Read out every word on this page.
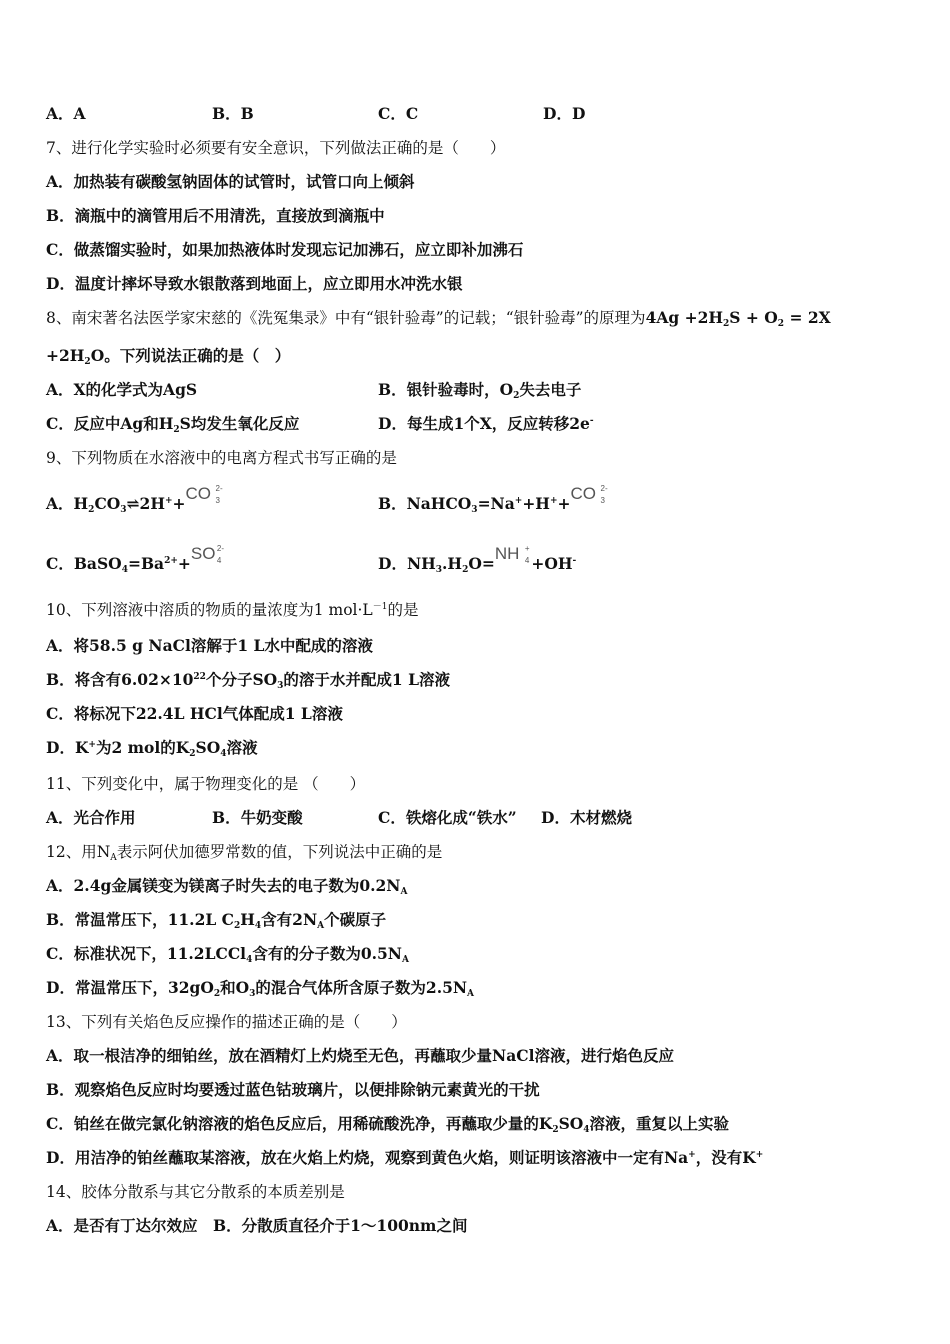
A．A	B．B	C．C	D．D
7、进行化学实验时必须要有安全意识，下列做法正确的是（　　）
A．加热装有碳酸氢钠固体的试管时，试管口向上倾斜
B．滴瓶中的滴管用后不用清洗，直接放到滴瓶中
C．做蒸馏实验时，如果加热液体时发现忘记加沸石，应立即补加沸石
D．温度计摔坏导致水银散落到地面上，应立即用水冲洗水银
8、南宋著名法医学家宋慈的《洗冤集录》中有“银针验毒”的记载；“银针验毒”的原理为$4Ag +2H_2S + O_2 = 2X$
$+2H_2O$。下列说法正确的是（　）
A．X的化学式为AgS	B．银针验毒时，$O_2$失去电子
C．反应中Ag和$H_2S$均发生氧化反应	D．每生成1个X，反应转移2e-
9、下列物质在水溶液中的电离方程式书写正确的是
A．$H_2CO_3\rightleftharpoons 2H^++CO$ 3
2-
B．NaHCO$_3$=Na++H++CO 3
2-
C．$BaSO_4=Ba^{2+}+SO$ 4
2-
D．$NH_3.H_2O=NH$ 4
+
+OH-
10、下列溶液中溶质的物质的量浓度为1 $mol\cdot L^{-1}$的是
A．将58.5 g NaCl溶解于1 L水中配成的溶液
B．将含有$6.02\times 10^{22}$个分子$SO_3$的溶于水并配成1 L溶液
C．将标况下22.4L HCl气体配成1 L溶液
D．K+为2 mol的$K_2SO_4$溶液
11、下列变化中，属于物理变化的是 （　　）
A．光合作用	B．牛奶变酸	C．铁熔化成“铁水” D．木材燃烧
12、用$N_A$表示阿伏加德罗常数的值，下列说法中正确的是
A．2.4g金属镁变为镁离子时失去的电子数为$0.2N_A$
B．常温常压下，11.2L $C_2H_4$含有$2N_A$个碳原子
C．标准状况下，11.2LCCl$_4$含有的分子数为$0.5N_A$
D．常温常压下，$32gO_2$和$O_3$的混合气体所含原子数为$2.5N_A$
13、下列有关焰色反应操作的描述正确的是（　　）
A．取一根洁净的细铂丝，放在酒精灯上灼烧至无色，再蘸取少量NaCl溶液，进行焰色反应
B．观察焰色反应时均要透过蓝色钴玻璃片，以便排除钠元素黄光的干扰
C．铂丝在做完氯化钠溶液的焰色反应后，用稀硫酸洗净，再蘸取少量的$K_2SO_4$溶液，重复以上实验
D．用洁净的铂丝蘸取某溶液，放在火焰上灼烧，观察到黄色火焰，则证明该溶液中一定有Na+，没有K+
14、胶体分散系与其它分散系的本质差别是
A．是否有丁达尔效应　B．分散质直径介于1～100nm之间
